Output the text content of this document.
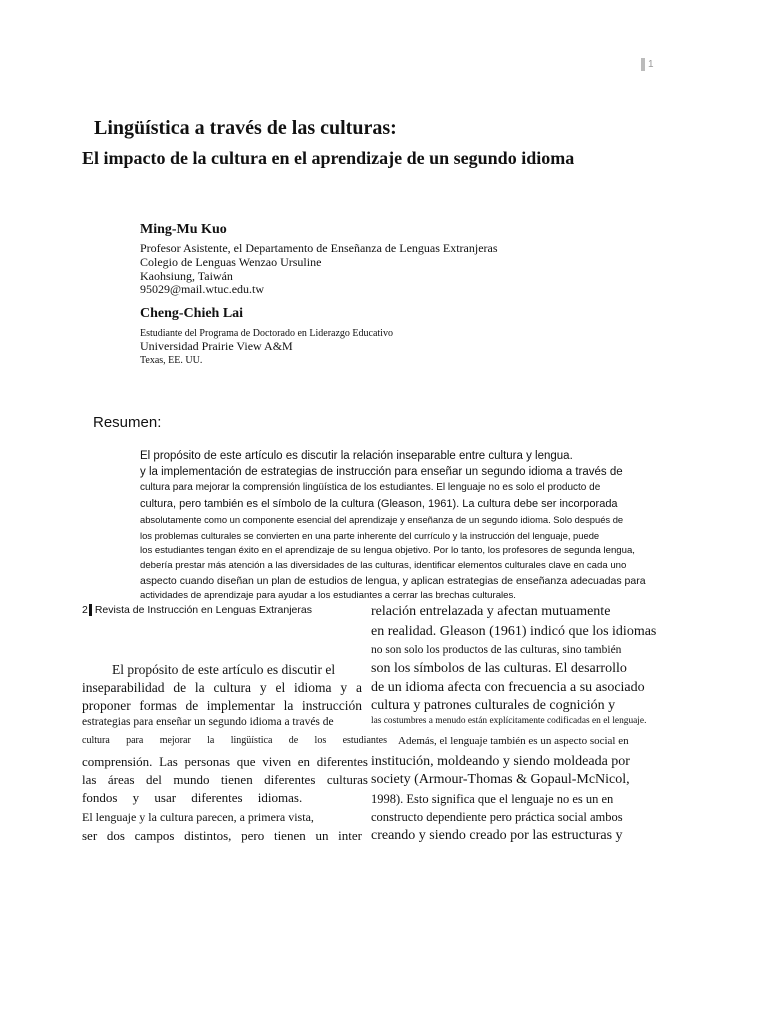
1
Lingüística a través de las culturas:
El impacto de la cultura en el aprendizaje de un segundo idioma
Ming-Mu Kuo
Profesor Asistente, el Departamento de Enseñanza de Lenguas Extranjeras
Colegio de Lenguas Wenzao Ursuline
Kaohsiung, Taiwán
95029@mail.wtuc.edu.tw
Cheng-Chieh Lai
Estudiante del Programa de Doctorado en Liderazgo Educativo
Universidad Prairie View A&M
Texas, EE. UU.
Resumen:
El propósito de este artículo es discutir la relación inseparable entre cultura y lengua.
y la implementación de estrategias de instrucción para enseñar un segundo idioma a través de
cultura para mejorar la comprensión lingüística de los estudiantes. El lenguaje no es solo el producto de
cultura, pero también es el símbolo de la cultura (Gleason, 1961). La cultura debe ser incorporada
absolutamente como un componente esencial del aprendizaje y enseñanza de un segundo idioma. Solo después de
los problemas culturales se convierten en una parte inherente del currículo y la instrucción del lenguaje, puede
los estudiantes tengan éxito en el aprendizaje de su lengua objetivo. Por lo tanto, los profesores de segunda lengua,
debería prestar más atención a las diversidades de las culturas, identificar elementos culturales clave en cada uno
aspecto cuando diseñan un plan de estudios de lengua, y aplican estrategias de enseñanza adecuadas para
actividades de aprendizaje para ayudar a los estudiantes a cerrar las brechas culturales.
2 Revista de Instrucción en Lenguas Extranjeras
El propósito de este artículo es discutir el
inseparabilidad de la cultura y el idioma y a
proponer formas de implementar la instrucción
estrategias para enseñar un segundo idioma a través de
cultura para mejorar la lingüística de los estudiantes
comprensión. Las personas que viven en diferentes
las áreas del mundo tienen diferentes culturas
fondos y usar diferentes idiomas.
El lenguaje y la cultura parecen, a primera vista,
ser dos campos distintos, pero tienen un inter
relación entrelazada y afectan mutuamente
en realidad. Gleason (1961) indicó que los idiomas
no son solo los productos de las culturas, sino también
son los símbolos de las culturas. El desarrollo
de un idioma afecta con frecuencia a su asociado
cultura y patrones culturales de cognición y
las costumbres a menudo están explícitamente codificadas en el lenguaje.
Además, el lenguaje también es un aspecto social en
institución, moldeando y siendo moldeada por
society (Armour-Thomas & Gopaul-McNicol,
1998). Esto significa que el lenguaje no es un en
constructo dependiente pero práctica social ambos
creando y siendo creado por las estructuras y
